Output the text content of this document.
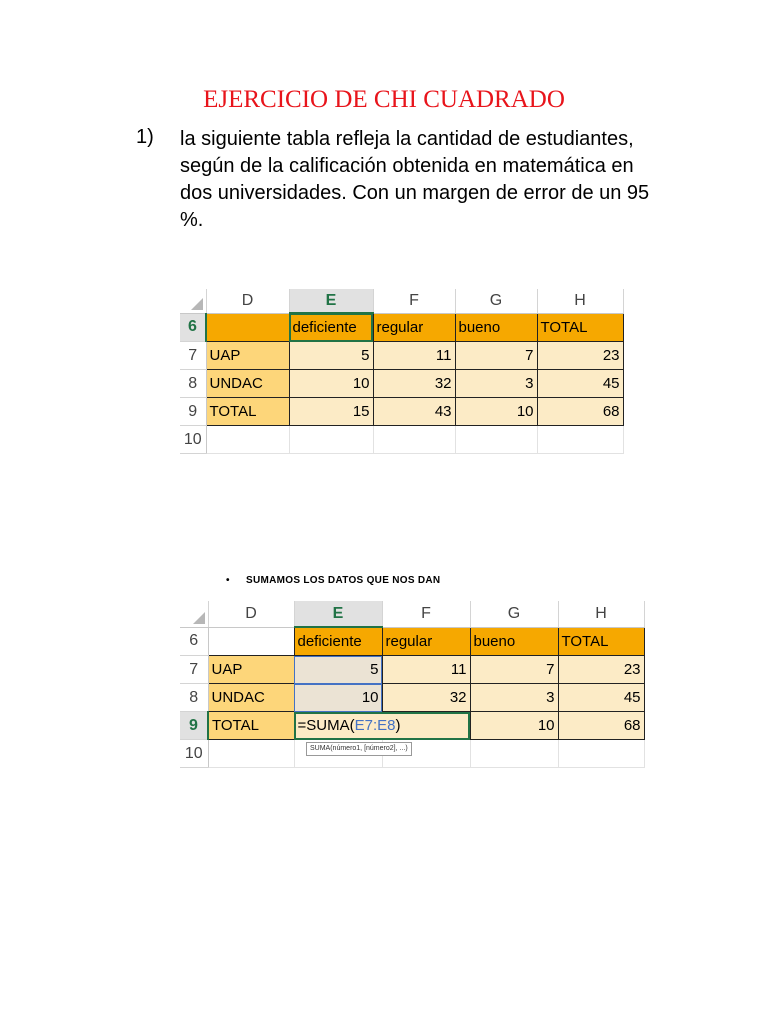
EJERCICIO DE CHI CUADRADO
1) la siguiente tabla refleja la cantidad de estudiantes, según de la calificación obtenida en matemática en dos universidades. Con un margen de error de un 95 %.
	D	E	F	G	H
6		deficiente	regular	bueno	TOTAL
7	UAP	5	11	7	23
8	UNDAC	10	32	3	45
9	TOTAL	15	43	10	68
10					
• SUMAMOS LOS DATOS QUE NOS DAN
	D	E	F	G	H
6		deficiente	regular	bueno	TOTAL
7	UAP	5	11	7	23
8	UNDAC	10	32	3	45
9	TOTAL	=SUMA(E7:E8)		10	68
10						SUMA(número1, [número2], ...)
